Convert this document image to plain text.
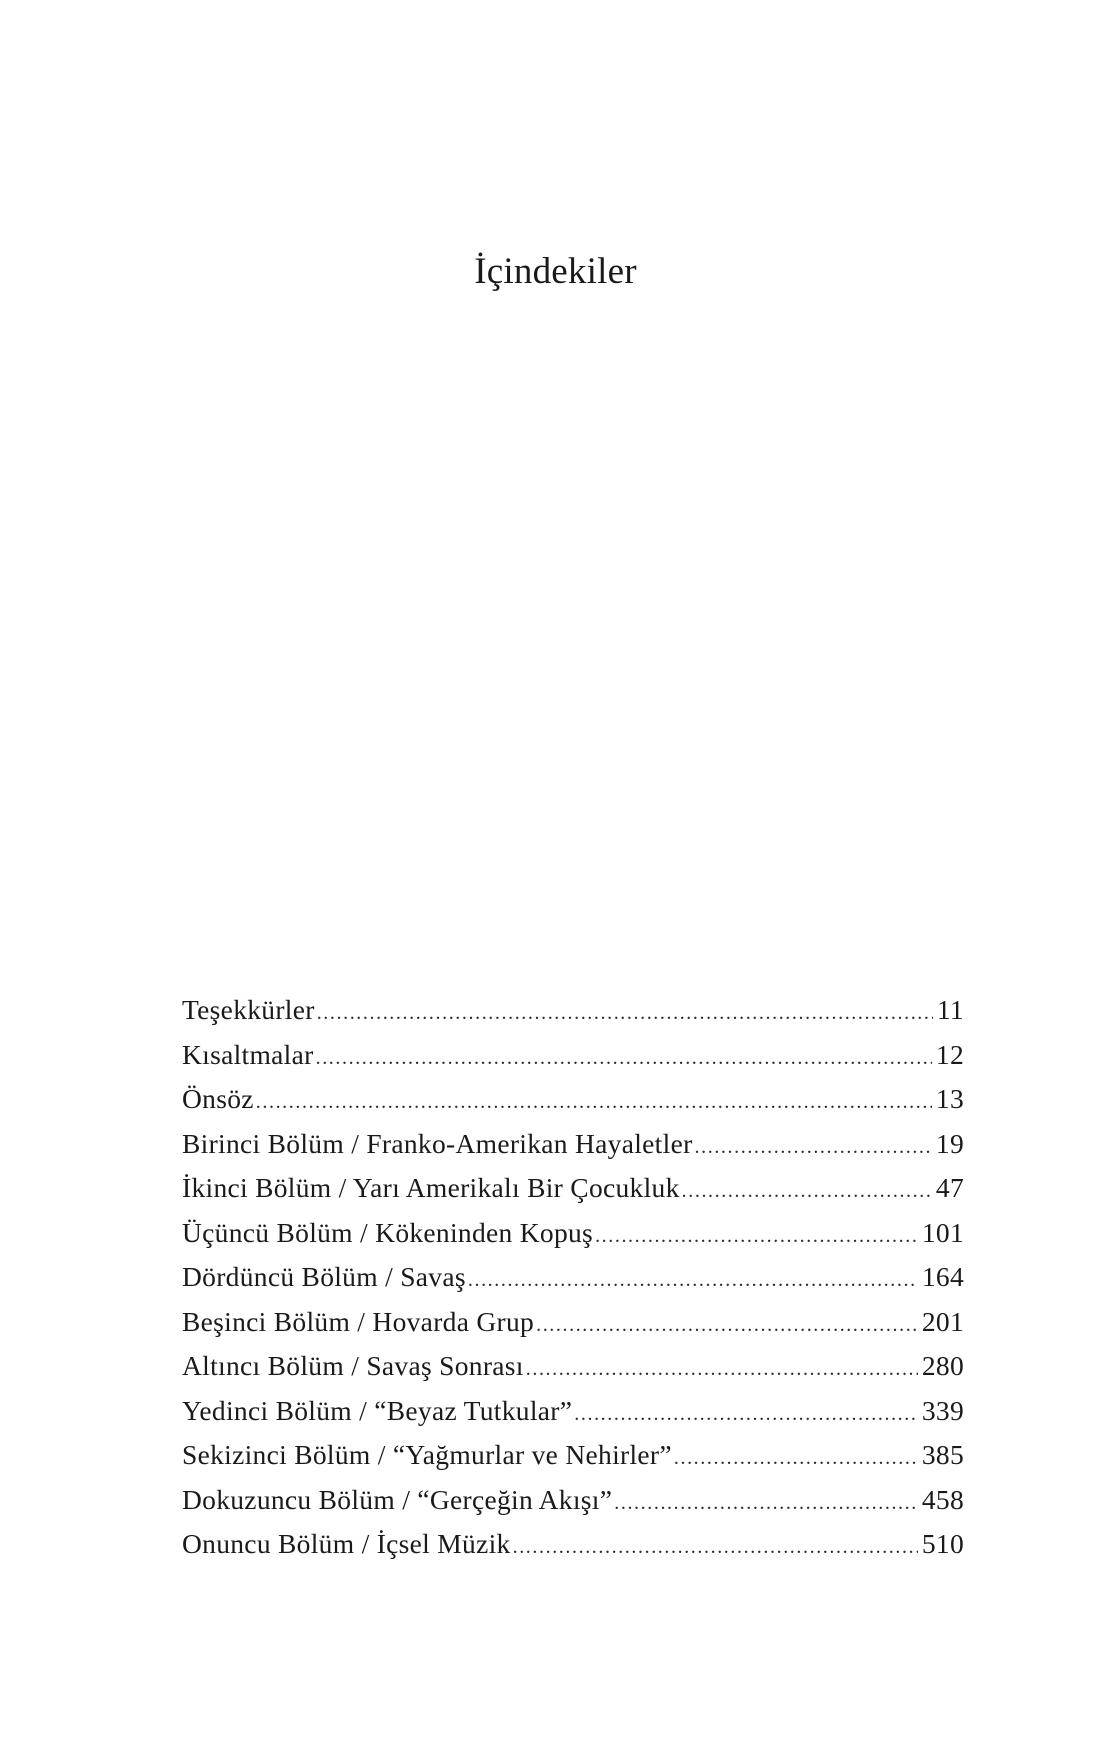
İçindekiler
Teşekkürler .....	11
Kısaltmalar .....	12
Önsöz .....	13
Birinci Bölüm / Franko-Amerikan Hayaletler .....	19
İkinci Bölüm / Yarı Amerikalı Bir Çocukluk .....	47
Üçüncü Bölüm / Kökeninden Kopuş .....	101
Dördüncü Bölüm / Savaş .....	164
Beşinci Bölüm / Hovarda Grup .....	201
Altıncı Bölüm / Savaş Sonrası .....	280
Yedinci Bölüm / “Beyaz Tutkular” .....	339
Sekizinci Bölüm / “Yağmurlar ve Nehirler” .....	385
Dokuzuncu Bölüm / “Gerçeğin Akışı” .....	458
Onuncu Bölüm / İçsel Müzik .....	510
